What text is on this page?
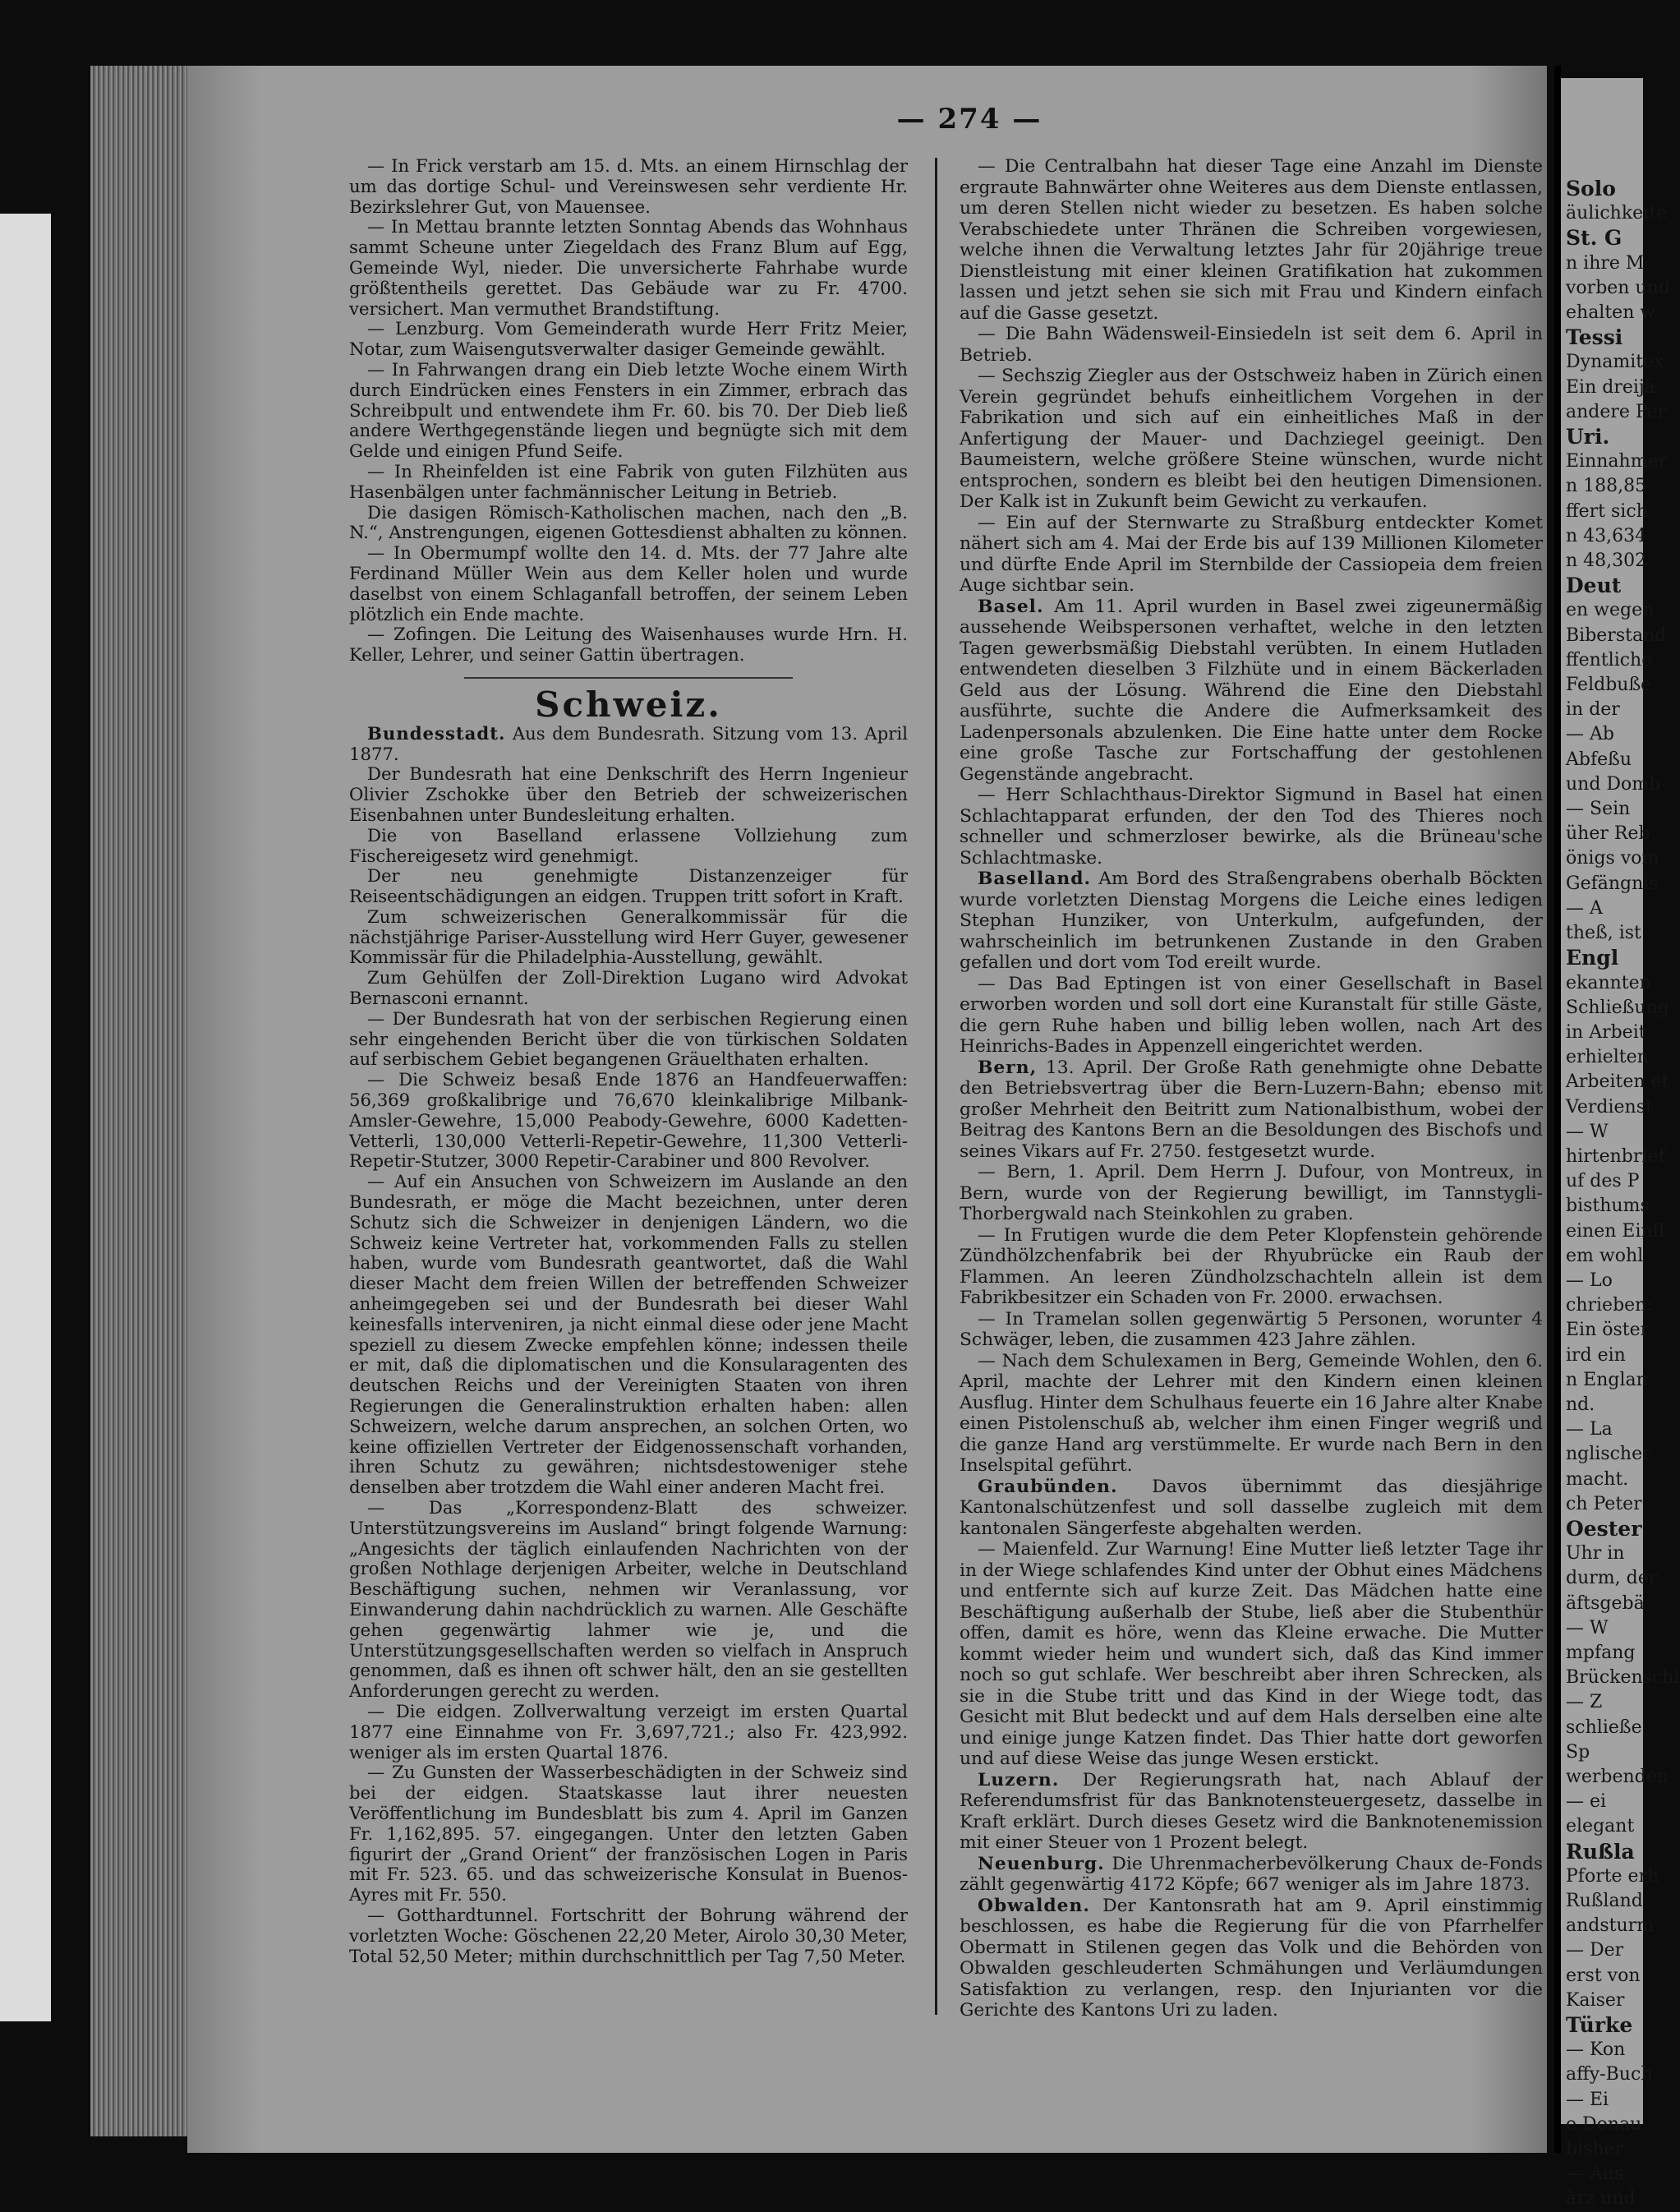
Solo
äulichkeite
St. G
n ihre M
vorben und
ehalten w
Tessi
Dynamitex
Ein dreijä
andere Per
Uri.
Einnahmer
n 188,85
ffert sich
n 43,634
n 48,302
Deut
en wegen
Biberstand
ffentliche
Feldbuße
in der
— Ab
Abfeßu
und Domb
— Sein
üher Reb
önigs vom
Gefängnis
— A
theß, ist
Engl
ekannten
Schließung
in Arbeit
erhielten
Arbeiten et
Verdienst
— W
hirtenbrief
uf des P
bisthums
einen Einfl
em wohl
— Lo
chrieben:
Ein öster
ird ein
n Englan
nd.
— La
nglischer
macht.
ch Peter
Oester
Uhr in
durm, der
äftsgebä
— W
mpfang
Brückenschl
— Z
schließe
Sp
werbenden
— ei
elegant
Rußla
Pforte erh
Rußland
andsturm
— Der
erst von
Kaiser
Türke
— Kon
affy-Buch
— Ei
e Donau
bisher
— Aus
ärz und
— 274 —

— In Frick verstarb am 15. d. Mts. an einem Hirnschlag der um das dortige Schul- und Vereinswesen sehr verdiente Hr. Bezirkslehrer Gut, von Mauensee.

— In Mettau brannte letzten Sonntag Abends das Wohnhaus sammt Scheune unter Ziegeldach des Franz Blum auf Egg, Gemeinde Wyl, nieder. Die unversicherte Fahrhabe wurde größtentheils gerettet. Das Gebäude war zu Fr. 4700. versichert. Man vermuthet Brandstiftung.

— Lenzburg. Vom Gemeinderath wurde Herr Fritz Meier, Notar, zum Waisengutsverwalter dasiger Gemeinde gewählt.

— In Fahrwangen drang ein Dieb letzte Woche einem Wirth durch Eindrücken eines Fensters in ein Zimmer, erbrach das Schreibpult und entwendete ihm Fr. 60. bis 70. Der Dieb ließ andere Werthgegenstände liegen und begnügte sich mit dem Gelde und einigen Pfund Seife.

— In Rheinfelden ist eine Fabrik von guten Filzhüten aus Hasenbälgen unter fachmännischer Leitung in Betrieb.

Die dasigen Römisch-Katholischen machen, nach den „B. N.“, Anstrengungen, eigenen Gottesdienst abhalten zu können.

— In Obermumpf wollte den 14. d. Mts. der 77 Jahre alte Ferdinand Müller Wein aus dem Keller holen und wurde daselbst von einem Schlaganfall betroffen, der seinem Leben plötzlich ein Ende machte.

— Zofingen. Die Leitung des Waisenhauses wurde Hrn. H. Keller, Lehrer, und seiner Gattin übertragen.

Schweiz.

Bundesstadt. Aus dem Bundesrath. Sitzung vom 13. April 1877.

Der Bundesrath hat eine Denkschrift des Herrn Ingenieur Olivier Zschokke über den Betrieb der schweizerischen Eisenbahnen unter Bundesleitung erhalten.

Die von Baselland erlassene Vollziehung zum Fischereigesetz wird genehmigt.

Der neu genehmigte Distanzenzeiger für Reiseentschädigungen an eidgen. Truppen tritt sofort in Kraft.

Zum schweizerischen Generalkommissär für die nächstjährige Pariser-Ausstellung wird Herr Guyer, gewesener Kommissär für die Philadelphia-Ausstellung, gewählt.

Zum Gehülfen der Zoll-Direktion Lugano wird Advokat Bernasconi ernannt.

— Der Bundesrath hat von der serbischen Regierung einen sehr eingehenden Bericht über die von türkischen Soldaten auf serbischem Gebiet begangenen Gräuelthaten erhalten.

— Die Schweiz besaß Ende 1876 an Handfeuerwaffen: 56,369 großkalibrige und 76,670 kleinkalibrige Milbank-Amsler-Gewehre, 15,000 Peabody-Gewehre, 6000 Kadetten-Vetterli, 130,000 Vetterli-Repetir-Gewehre, 11,300 Vetterli-Repetir-Stutzer, 3000 Repetir-Carabiner und 800 Revolver.

— Auf ein Ansuchen von Schweizern im Auslande an den Bundesrath, er möge die Macht bezeichnen, unter deren Schutz sich die Schweizer in denjenigen Ländern, wo die Schweiz keine Vertreter hat, vorkommenden Falls zu stellen haben, wurde vom Bundesrath geantwortet, daß die Wahl dieser Macht dem freien Willen der betreffenden Schweizer anheimgegeben sei und der Bundesrath bei dieser Wahl keinesfalls interveniren, ja nicht einmal diese oder jene Macht speziell zu diesem Zwecke empfehlen könne; indessen theile er mit, daß die diplomatischen und die Konsularagenten des deutschen Reichs und der Vereinigten Staaten von ihren Regierungen die Generalinstruktion erhalten haben: allen Schweizern, welche darum ansprechen, an solchen Orten, wo keine offiziellen Vertreter der Eidgenossenschaft vorhanden, ihren Schutz zu gewähren; nichtsdestoweniger stehe denselben aber trotzdem die Wahl einer anderen Macht frei.

— Das „Korrespondenz-Blatt des schweizer. Unterstützungsvereins im Ausland“ bringt folgende Warnung: „Angesichts der täglich einlaufenden Nachrichten von der großen Nothlage derjenigen Arbeiter, welche in Deutschland Beschäftigung suchen, nehmen wir Veranlassung, vor Einwanderung dahin nachdrücklich zu warnen. Alle Geschäfte gehen gegenwärtig lahmer wie je, und die Unterstützungsgesellschaften werden so vielfach in Anspruch genommen, daß es ihnen oft schwer hält, den an sie gestellten Anforderungen gerecht zu werden.

— Die eidgen. Zollverwaltung verzeigt im ersten Quartal 1877 eine Einnahme von Fr. 3,697,721.; also Fr. 423,992. weniger als im ersten Quartal 1876.

— Zu Gunsten der Wasserbeschädigten in der Schweiz sind bei der eidgen. Staatskasse laut ihrer neuesten Veröffentlichung im Bundesblatt bis zum 4. April im Ganzen Fr. 1,162,895. 57. eingegangen. Unter den letzten Gaben figurirt der „Grand Orient“ der französischen Logen in Paris mit Fr. 523. 65. und das schweizerische Konsulat in Buenos-Ayres mit Fr. 550.

— Gotthardtunnel. Fortschritt der Bohrung während der vorletzten Woche: Göschenen 22,20 Meter, Airolo 30,30 Meter, Total 52,50 Meter; mithin durchschnittlich per Tag 7,50 Meter.

— Die Centralbahn hat dieser Tage eine Anzahl im Dienste ergraute Bahnwärter ohne Weiteres aus dem Dienste entlassen, um deren Stellen nicht wieder zu besetzen. Es haben solche Verabschiedete unter Thränen die Schreiben vorgewiesen, welche ihnen die Verwaltung letztes Jahr für 20jährige treue Dienstleistung mit einer kleinen Gratifikation hat zukommen lassen und jetzt sehen sie sich mit Frau und Kindern einfach auf die Gasse gesetzt.

— Die Bahn Wädensweil-Einsiedeln ist seit dem 6. April in Betrieb.

— Sechszig Ziegler aus der Ostschweiz haben in Zürich einen Verein gegründet behufs einheitlichem Vorgehen in der Fabrikation und sich auf ein einheitliches Maß in der Anfertigung der Mauer- und Dachziegel geeinigt. Den Baumeistern, welche größere Steine wünschen, wurde nicht entsprochen, sondern es bleibt bei den heutigen Dimensionen. Der Kalk ist in Zukunft beim Gewicht zu verkaufen.

— Ein auf der Sternwarte zu Straßburg entdeckter Komet nähert sich am 4. Mai der Erde bis auf 139 Millionen Kilometer und dürfte Ende April im Sternbilde der Cassiopeia dem freien Auge sichtbar sein.

Basel. Am 11. April wurden in Basel zwei zigeunermäßig aussehende Weibspersonen verhaftet, welche in den letzten Tagen gewerbsmäßig Diebstahl verübten. In einem Hutladen entwendeten dieselben 3 Filzhüte und in einem Bäckerladen Geld aus der Lösung. Während die Eine den Diebstahl ausführte, suchte die Andere die Aufmerksamkeit des Ladenpersonals abzulenken. Die Eine hatte unter dem Rocke eine große Tasche zur Fortschaffung der gestohlenen Gegenstände angebracht.

— Herr Schlachthaus-Direktor Sigmund in Basel hat einen Schlachtapparat erfunden, der den Tod des Thieres noch schneller und schmerzloser bewirke, als die Brüneau'sche Schlachtmaske.

Baselland. Am Bord des Straßengrabens oberhalb Böckten wurde vorletzten Dienstag Morgens die Leiche eines ledigen Stephan Hunziker, von Unterkulm, aufgefunden, der wahrscheinlich im betrunkenen Zustande in den Graben gefallen und dort vom Tod ereilt wurde.

— Das Bad Eptingen ist von einer Gesellschaft in Basel erworben worden und soll dort eine Kuranstalt für stille Gäste, die gern Ruhe haben und billig leben wollen, nach Art des Heinrichs-Bades in Appenzell eingerichtet werden.

Bern, 13. April. Der Große Rath genehmigte ohne Debatte den Betriebsvertrag über die Bern-Luzern-Bahn; ebenso mit großer Mehrheit den Beitritt zum Nationalbisthum, wobei der Beitrag des Kantons Bern an die Besoldungen des Bischofs und seines Vikars auf Fr. 2750. festgesetzt wurde.

— Bern, 1. April. Dem Herrn J. Dufour, von Montreux, in Bern, wurde von der Regierung bewilligt, im Tannstygli-Thorbergwald nach Steinkohlen zu graben.

— In Frutigen wurde die dem Peter Klopfenstein gehörende Zündhölzchenfabrik bei der Rhyubrücke ein Raub der Flammen. An leeren Zündholzschachteln allein ist dem Fabrikbesitzer ein Schaden von Fr. 2000. erwachsen.

— In Tramelan sollen gegenwärtig 5 Personen, worunter 4 Schwäger, leben, die zusammen 423 Jahre zählen.

— Nach dem Schulexamen in Berg, Gemeinde Wohlen, den 6. April, machte der Lehrer mit den Kindern einen kleinen Ausflug. Hinter dem Schulhaus feuerte ein 16 Jahre alter Knabe einen Pistolenschuß ab, welcher ihm einen Finger wegriß und die ganze Hand arg verstümmelte. Er wurde nach Bern in den Inselspital geführt.

Graubünden. Davos übernimmt das diesjährige Kantonalschützenfest und soll dasselbe zugleich mit dem kantonalen Sängerfeste abgehalten werden.

— Maienfeld. Zur Warnung! Eine Mutter ließ letzter Tage ihr in der Wiege schlafendes Kind unter der Obhut eines Mädchens und entfernte sich auf kurze Zeit. Das Mädchen hatte eine Beschäftigung außerhalb der Stube, ließ aber die Stubenthür offen, damit es höre, wenn das Kleine erwache. Die Mutter kommt wieder heim und wundert sich, daß das Kind immer noch so gut schlafe. Wer beschreibt aber ihren Schrecken, als sie in die Stube tritt und das Kind in der Wiege todt, das Gesicht mit Blut bedeckt und auf dem Hals derselben eine alte und einige junge Katzen findet. Das Thier hatte dort geworfen und auf diese Weise das junge Wesen erstickt.

Luzern. Der Regierungsrath hat, nach Ablauf der Referendumsfrist für das Banknotensteuergesetz, dasselbe in Kraft erklärt. Durch dieses Gesetz wird die Banknotenemission mit einer Steuer von 1 Prozent belegt.

Neuenburg. Die Uhrenmacherbevölkerung Chaux de-Fonds zählt gegenwärtig 4172 Köpfe; 667 weniger als im Jahre 1873.

Obwalden. Der Kantonsrath hat am 9. April einstimmig beschlossen, es habe die Regierung für die von Pfarrhelfer Obermatt in Stilenen gegen das Volk und die Behörden von Obwalden geschleuderten Schmähungen und Verläumdungen Satisfaktion zu verlangen, resp. den Injurianten vor die Gerichte des Kantons Uri zu laden.
